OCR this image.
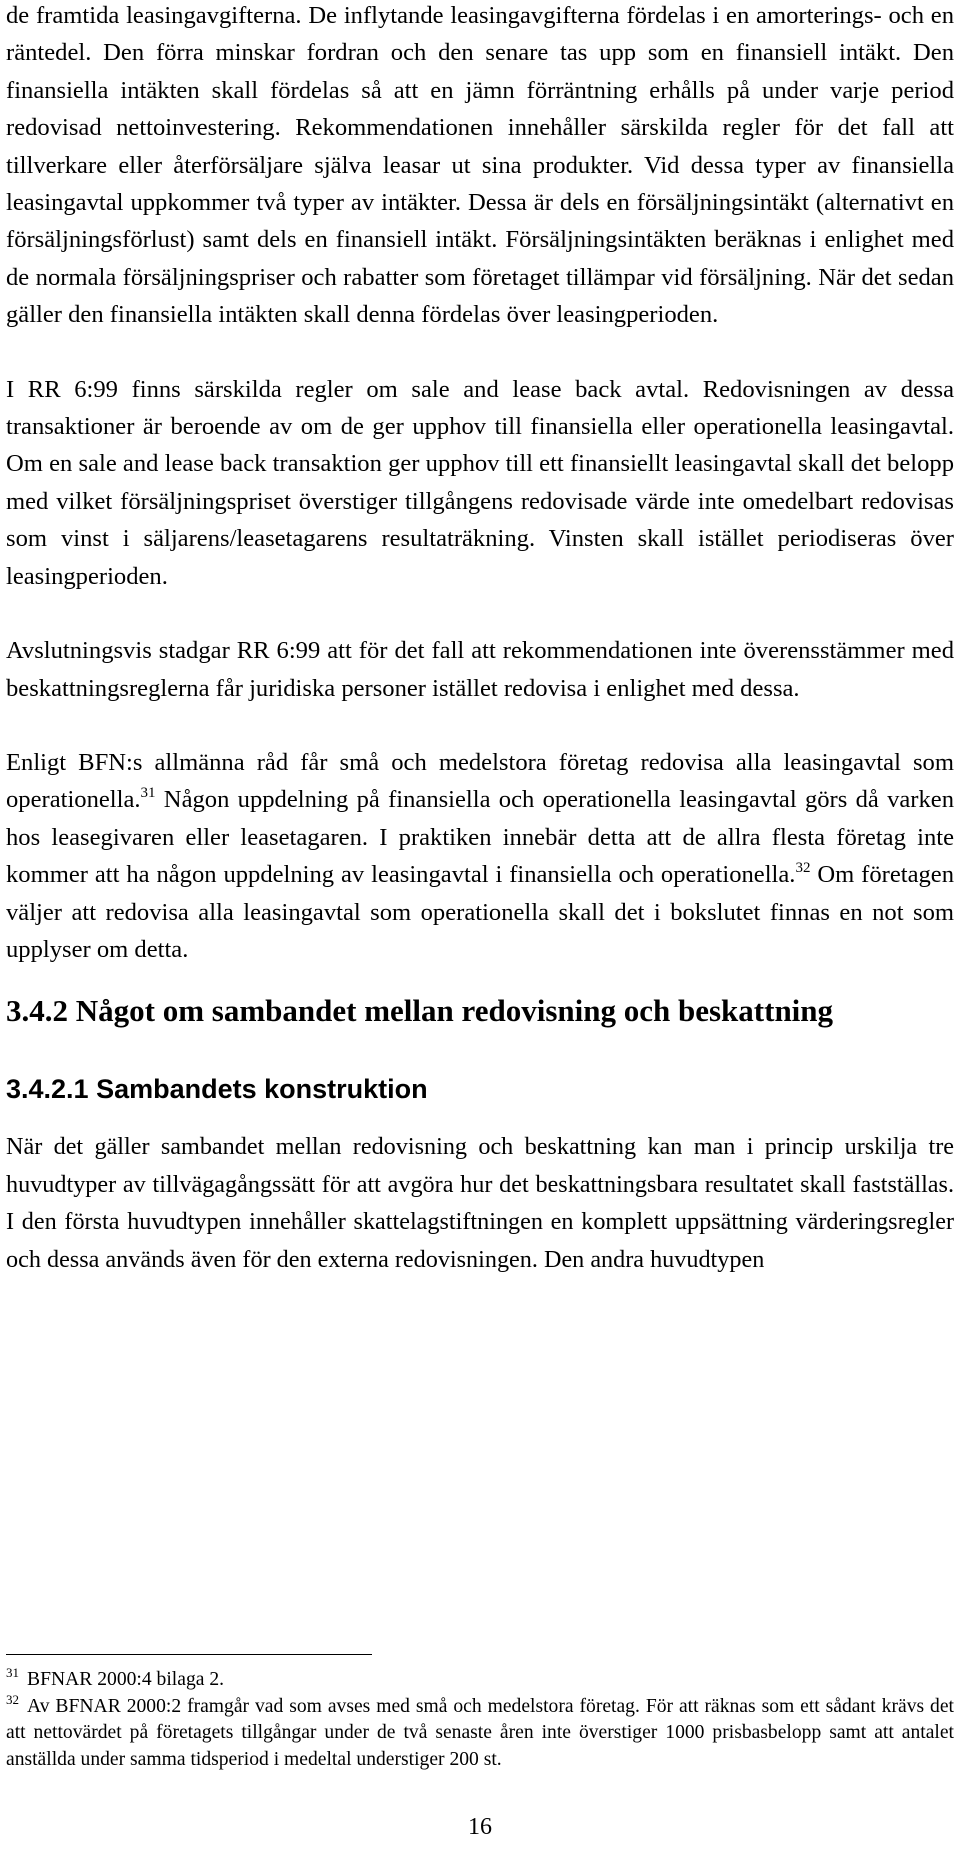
de framtida leasingavgifterna. De inflytande leasingavgifterna fördelas i en amorterings- och en räntedel. Den förra minskar fordran och den senare tas upp som en finansiell intäkt. Den finansiella intäkten skall fördelas så att en jämn förräntning erhålls på under varje period redovisad nettoinvestering. Rekommendationen innehåller särskilda regler för det fall att tillverkare eller återförsäljare själva leasar ut sina produkter. Vid dessa typer av finansiella leasingavtal uppkommer två typer av intäkter. Dessa är dels en försäljningsintäkt (alternativt en försäljningsförlust) samt dels en finansiell intäkt. Försäljningsintäkten beräknas i enlighet med de normala försäljningspriser och rabatter som företaget tillämpar vid försäljning. När det sedan gäller den finansiella intäkten skall denna fördelas över leasingperioden.

I RR 6:99 finns särskilda regler om sale and lease back avtal. Redovisningen av dessa transaktioner är beroende av om de ger upphov till finansiella eller operationella leasingavtal. Om en sale and lease back transaktion ger upphov till ett finansiellt leasingavtal skall det belopp med vilket försäljningspriset överstiger tillgångens redovisade värde inte omedelbart redovisas som vinst i säljarens/leasetagarens resultaträkning. Vinsten skall istället periodiseras över leasingperioden.

Avslutningsvis stadgar RR 6:99 att för det fall att rekommendationen inte överensstämmer med beskattningsreglerna får juridiska personer istället redovisa i enlighet med dessa.

Enligt BFN:s allmänna råd får små och medelstora företag redovisa alla leasingavtal som operationella.$^{31}$ Någon uppdelning på finansiella och operationella leasingavtal görs då varken hos leasegivaren eller leasetagaren. I praktiken innebär detta att de allra flesta företag inte kommer att ha någon uppdelning av leasingavtal i finansiella och operationella.$^{32}$ Om företagen väljer att redovisa alla leasingavtal som operationella skall det i bokslutet finnas en not som upplyser om detta.

3.4.2 Något om sambandet mellan redovisning och beskattning
3.4.2.1 Sambandets konstruktion

När det gäller sambandet mellan redovisning och beskattning kan man i princip urskilja tre huvudtyper av tillvägagångssätt för att avgöra hur det beskattningsbara resultatet skall fastställas. I den första huvudtypen innehåller skattelagstiftningen en komplett uppsättning värderingsregler och dessa används även för den externa redovisningen. Den andra huvudtypen

$^{31}$ BFNAR 2000:4 bilaga 2.

$^{32}$ Av BFNAR 2000:2 framgår vad som avses med små och medelstora företag. För att räknas som ett sådant krävs det att nettovärdet på företagets tillgångar under de två senaste åren inte överstiger 1000 prisbasbelopp samt att antalet anställda under samma tidsperiod i medeltal understiger 200 st.

16
